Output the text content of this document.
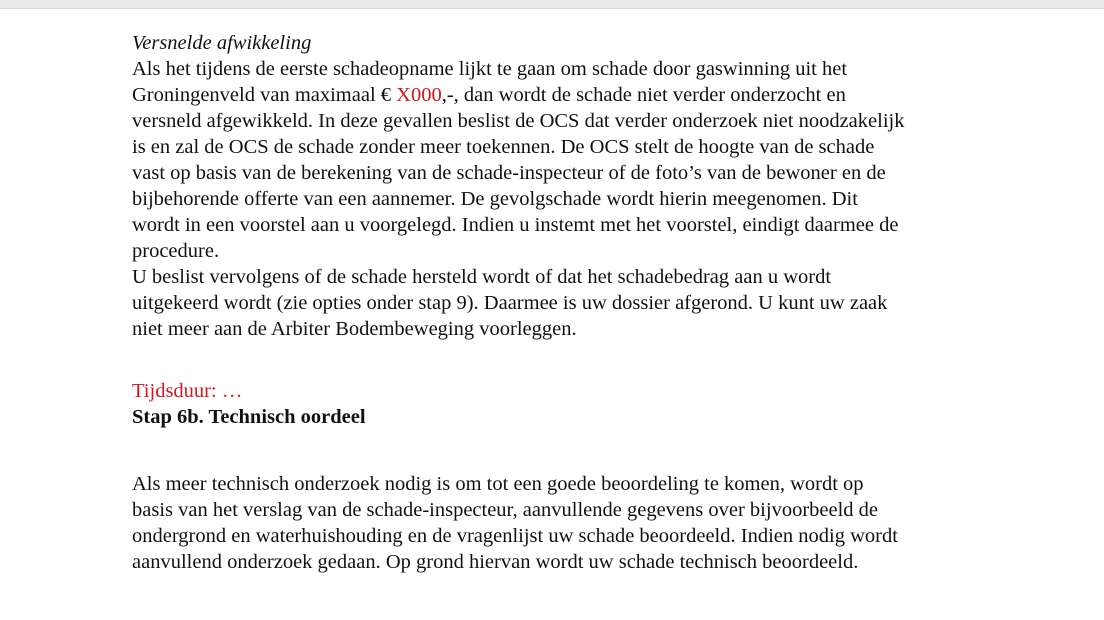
Versnelde afwikkeling
Als het tijdens de eerste schadeopname lijkt te gaan om schade door gaswinning uit het
Groningenveld van maximaal € X000,-, dan wordt de schade niet verder onderzocht en
versneld afgewikkeld. In deze gevallen beslist de OCS dat verder onderzoek niet noodzakelijk
is en zal de OCS de schade zonder meer toekennen. De OCS stelt de hoogte van de schade
vast op basis van de berekening van de schade-inspecteur of de foto’s van de bewoner en de
bijbehorende offerte van een aannemer. De gevolgschade wordt hierin meegenomen. Dit
wordt in een voorstel aan u voorgelegd. Indien u instemt met het voorstel, eindigt daarmee de
procedure.
U beslist vervolgens of de schade hersteld wordt of dat het schadebedrag aan u wordt
uitgekeerd wordt (zie opties onder stap 9). Daarmee is uw dossier afgerond. U kunt uw zaak
niet meer aan de Arbiter Bodembeweging voorleggen.
Tijdsduur: …
Stap 6b. Technisch oordeel
Als meer technisch onderzoek nodig is om tot een goede beoordeling te komen, wordt op
basis van het verslag van de schade-inspecteur, aanvullende gegevens over bijvoorbeeld de
ondergrond en waterhuishouding en de vragenlijst uw schade beoordeeld. Indien nodig wordt
aanvullend onderzoek gedaan. Op grond hiervan wordt uw schade technisch beoordeeld.
